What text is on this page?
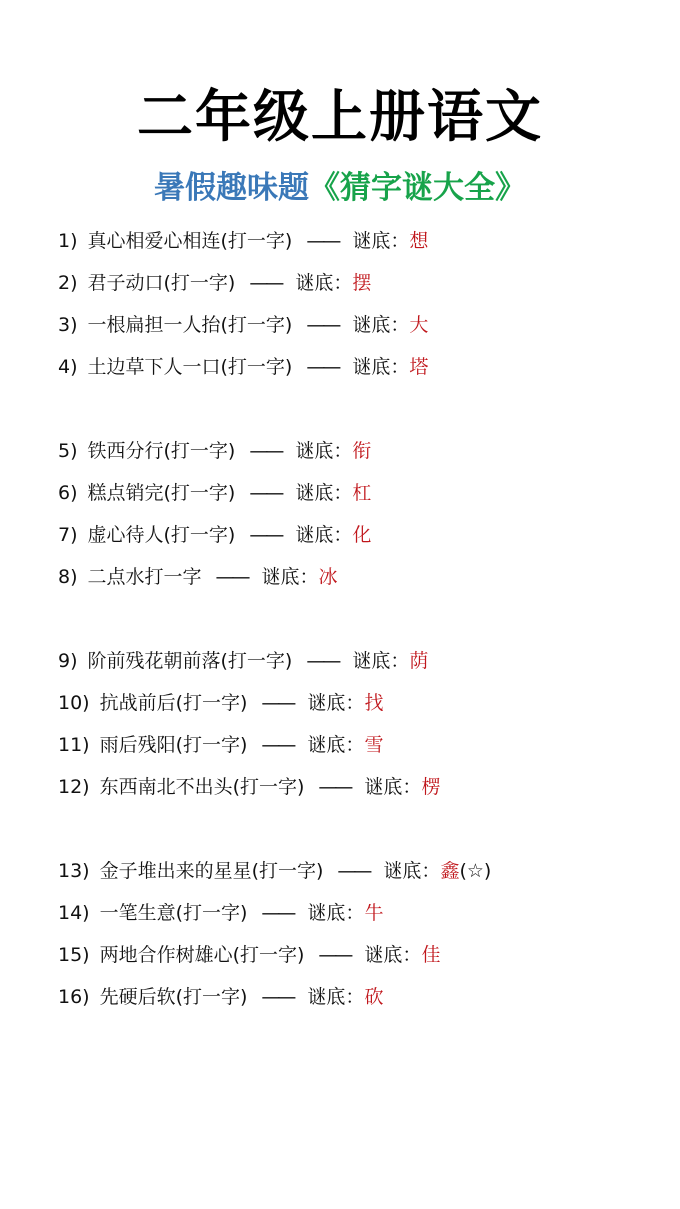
二年级上册语文
暑假趣味题《猜字谜大全》
1) 真心相爱心相连(打一字) —— 谜底：想
2) 君子动口(打一字) —— 谜底：摆
3) 一根扁担一人抬(打一字) —— 谜底：大
4) 土边草下人一口(打一字) —— 谜底：塔
5) 铁西分行(打一字) —— 谜底：衔
6) 糕点销完(打一字) —— 谜底：杠
7) 虚心待人(打一字) —— 谜底：化
8) 二点水打一字 —— 谜底：冰
9) 阶前残花朝前落(打一字) —— 谜底：荫
10) 抗战前后(打一字) —— 谜底：找
11) 雨后残阳(打一字) —— 谜底：雪
12) 东西南北不出头(打一字) —— 谜底：楞
13) 金子堆出来的星星(打一字) —— 谜底：鑫(☆)
14) 一笔生意(打一字) —— 谜底：牛
15) 两地合作树雄心(打一字) —— 谜底：佳
16) 先硬后软(打一字) —— 谜底：砍
